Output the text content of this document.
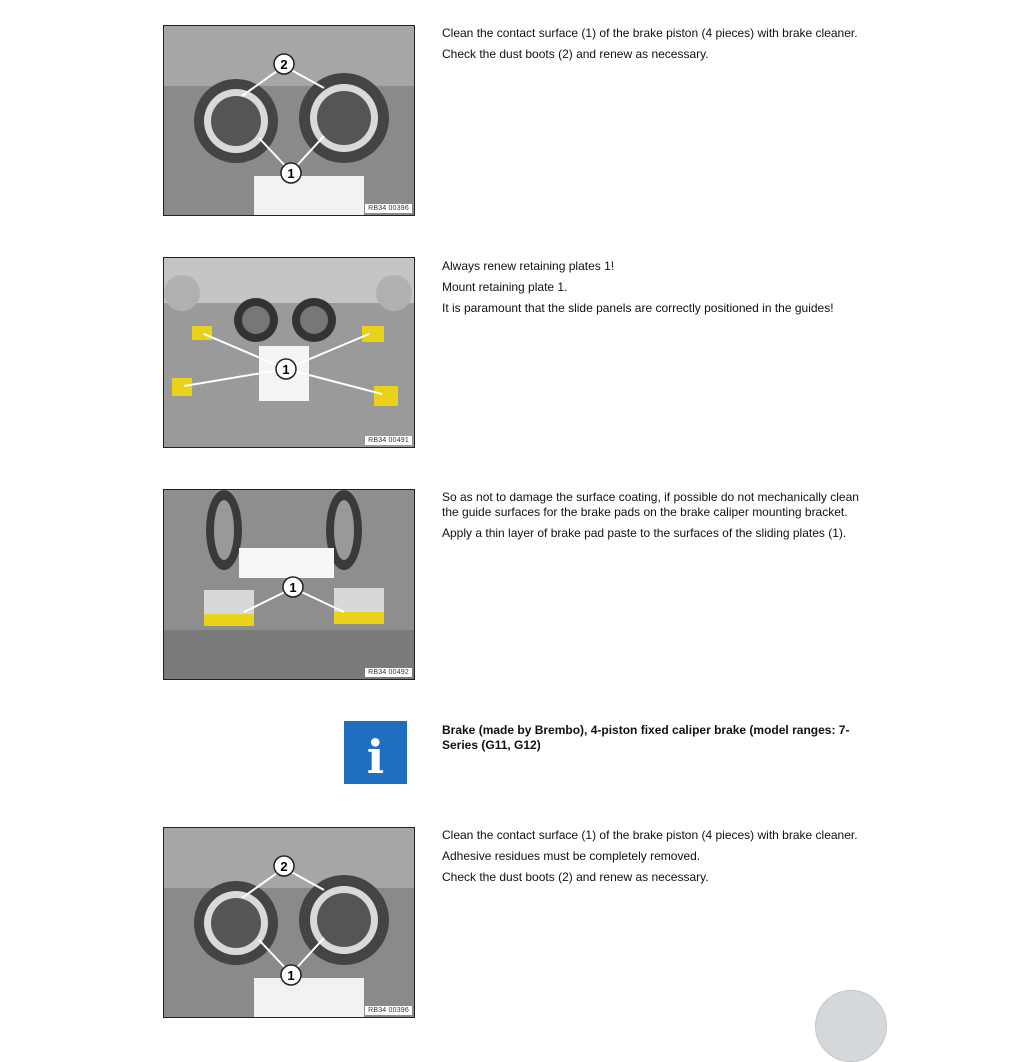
2
1
RB34 00396

Clean the contact surface (1) of the brake piston (4 pieces) with brake cleaner.

Check the dust boots (2) and renew as necessary.

1
RB34 00491

Always renew retaining plates 1!

Mount retaining plate 1.

It is paramount that the slide panels are correctly positioned in the guides!

1
RB34 00492

So as not to damage the surface coating, if possible do not mechanically clean the guide surfaces for the brake pads on the brake caliper mounting bracket.

Apply a thin layer of brake pad paste to the surfaces of the sliding plates (1).

i	Brake (made by Brembo), 4-piston fixed caliper brake (model ranges: 7-Series (G11, G12)
2
1
RB34 00396

Clean the contact surface (1) of the brake piston (4 pieces) with brake cleaner.

Adhesive residues must be completely removed.

Check the dust boots (2) and renew as necessary.
